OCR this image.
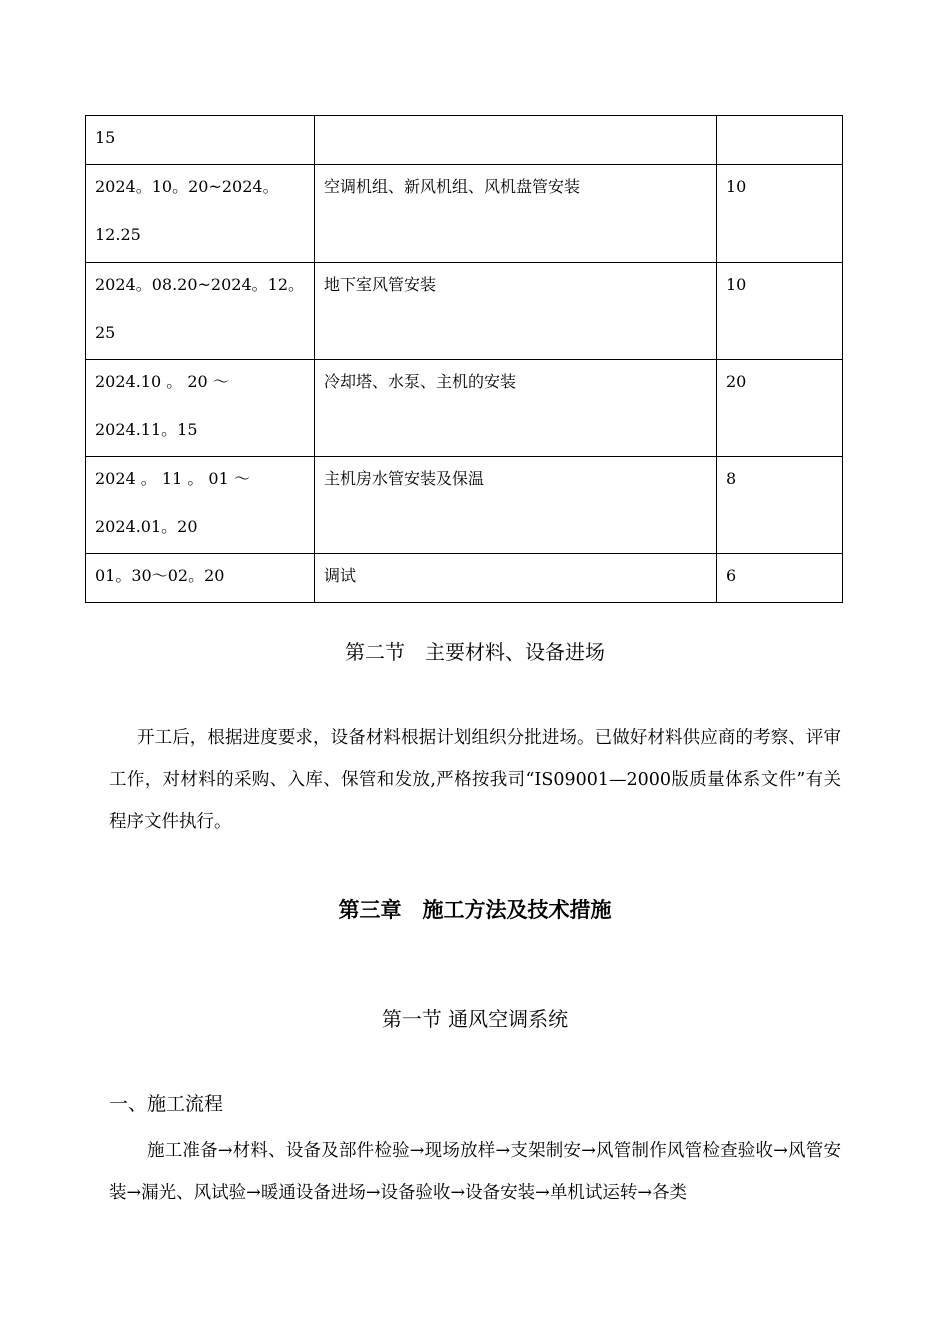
15		

2024。10。20~2024。12.25	空调机组、新风机组、风机盘管安装	10

2024。08.20~2024。12。25	地下室风管安装	10

2024.10 。 20 ～ 2024.11。15	冷却塔、水泵、主机的安装	20

2024 。 11 。 01 ～ 2024.01。20	主机房水管安装及保温	8

01。30～02。20	调试	6
第二节　主要材料、设备进场
开工后，根据进度要求，设备材料根据计划组织分批进场。已做好材料供应商的考察、评审工作，对材料的采购、入库、保管和发放,严格按我司“IS09001—2000版质量体系文件”有关程序文件执行。
第三章　施工方法及技术措施
第一节 通风空调系统
一、施工流程
施工准备→材料、设备及部件检验→现场放样→支架制安→风管制作风管检查验收→风管安装→漏光、风试验→暖通设备进场→设备验收→设备安装→单机试运转→各类
